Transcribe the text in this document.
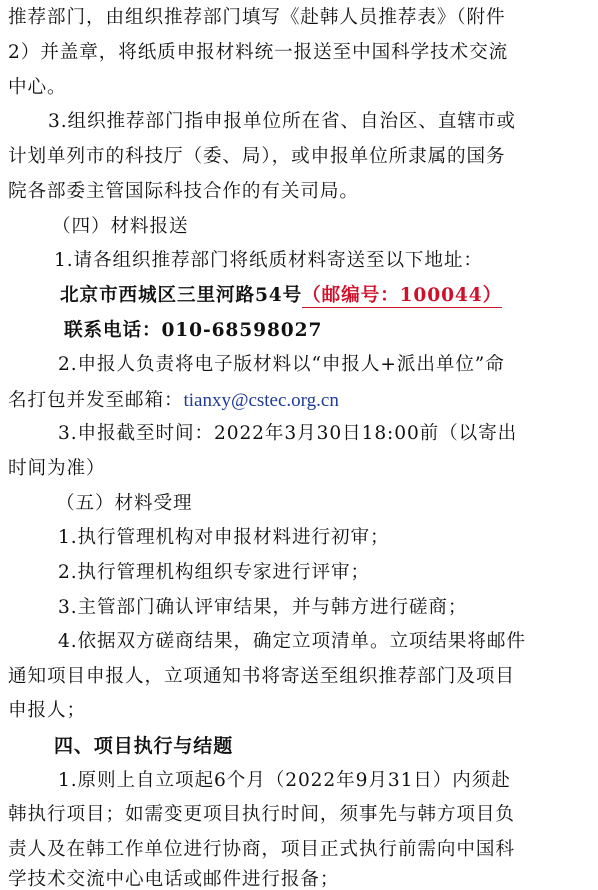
推荐部门，由组织推荐部门填写《赴韩人员推荐表》（附件
2）并盖章，将纸质申报材料统一报送至中国科学技术交流
中心。
3.组织推荐部门指申报单位所在省、自治区、直辖市或
计划单列市的科技厅（委、局），或申报单位所隶属的国务
院各部委主管国际科技合作的有关司局。
（四）材料报送
1.请各组织推荐部门将纸质材料寄送至以下地址：
北京市西城区三里河路54号（邮编号：100044）
联系电话：010-68598027
2.申报人负责将电子版材料以“申报人+派出单位”命
名打包并发至邮箱：tianxy@cstec.org.cn
3.申报截至时间：2022年3月30日18:00前（以寄出
时间为准）
（五）材料受理
1.执行管理机构对申报材料进行初审；
2.执行管理机构组织专家进行评审；
3.主管部门确认评审结果，并与韩方进行磋商；
4.依据双方磋商结果，确定立项清单。立项结果将邮件
通知项目申报人，立项通知书将寄送至组织推荐部门及项目
申报人；
四、项目执行与结题
1.原则上自立项起6个月（2022年9月31日）内须赴
韩执行项目；如需变更项目执行时间，须事先与韩方项目负
责人及在韩工作单位进行协商，项目正式执行前需向中国科
学技术交流中心电话或邮件进行报备；
